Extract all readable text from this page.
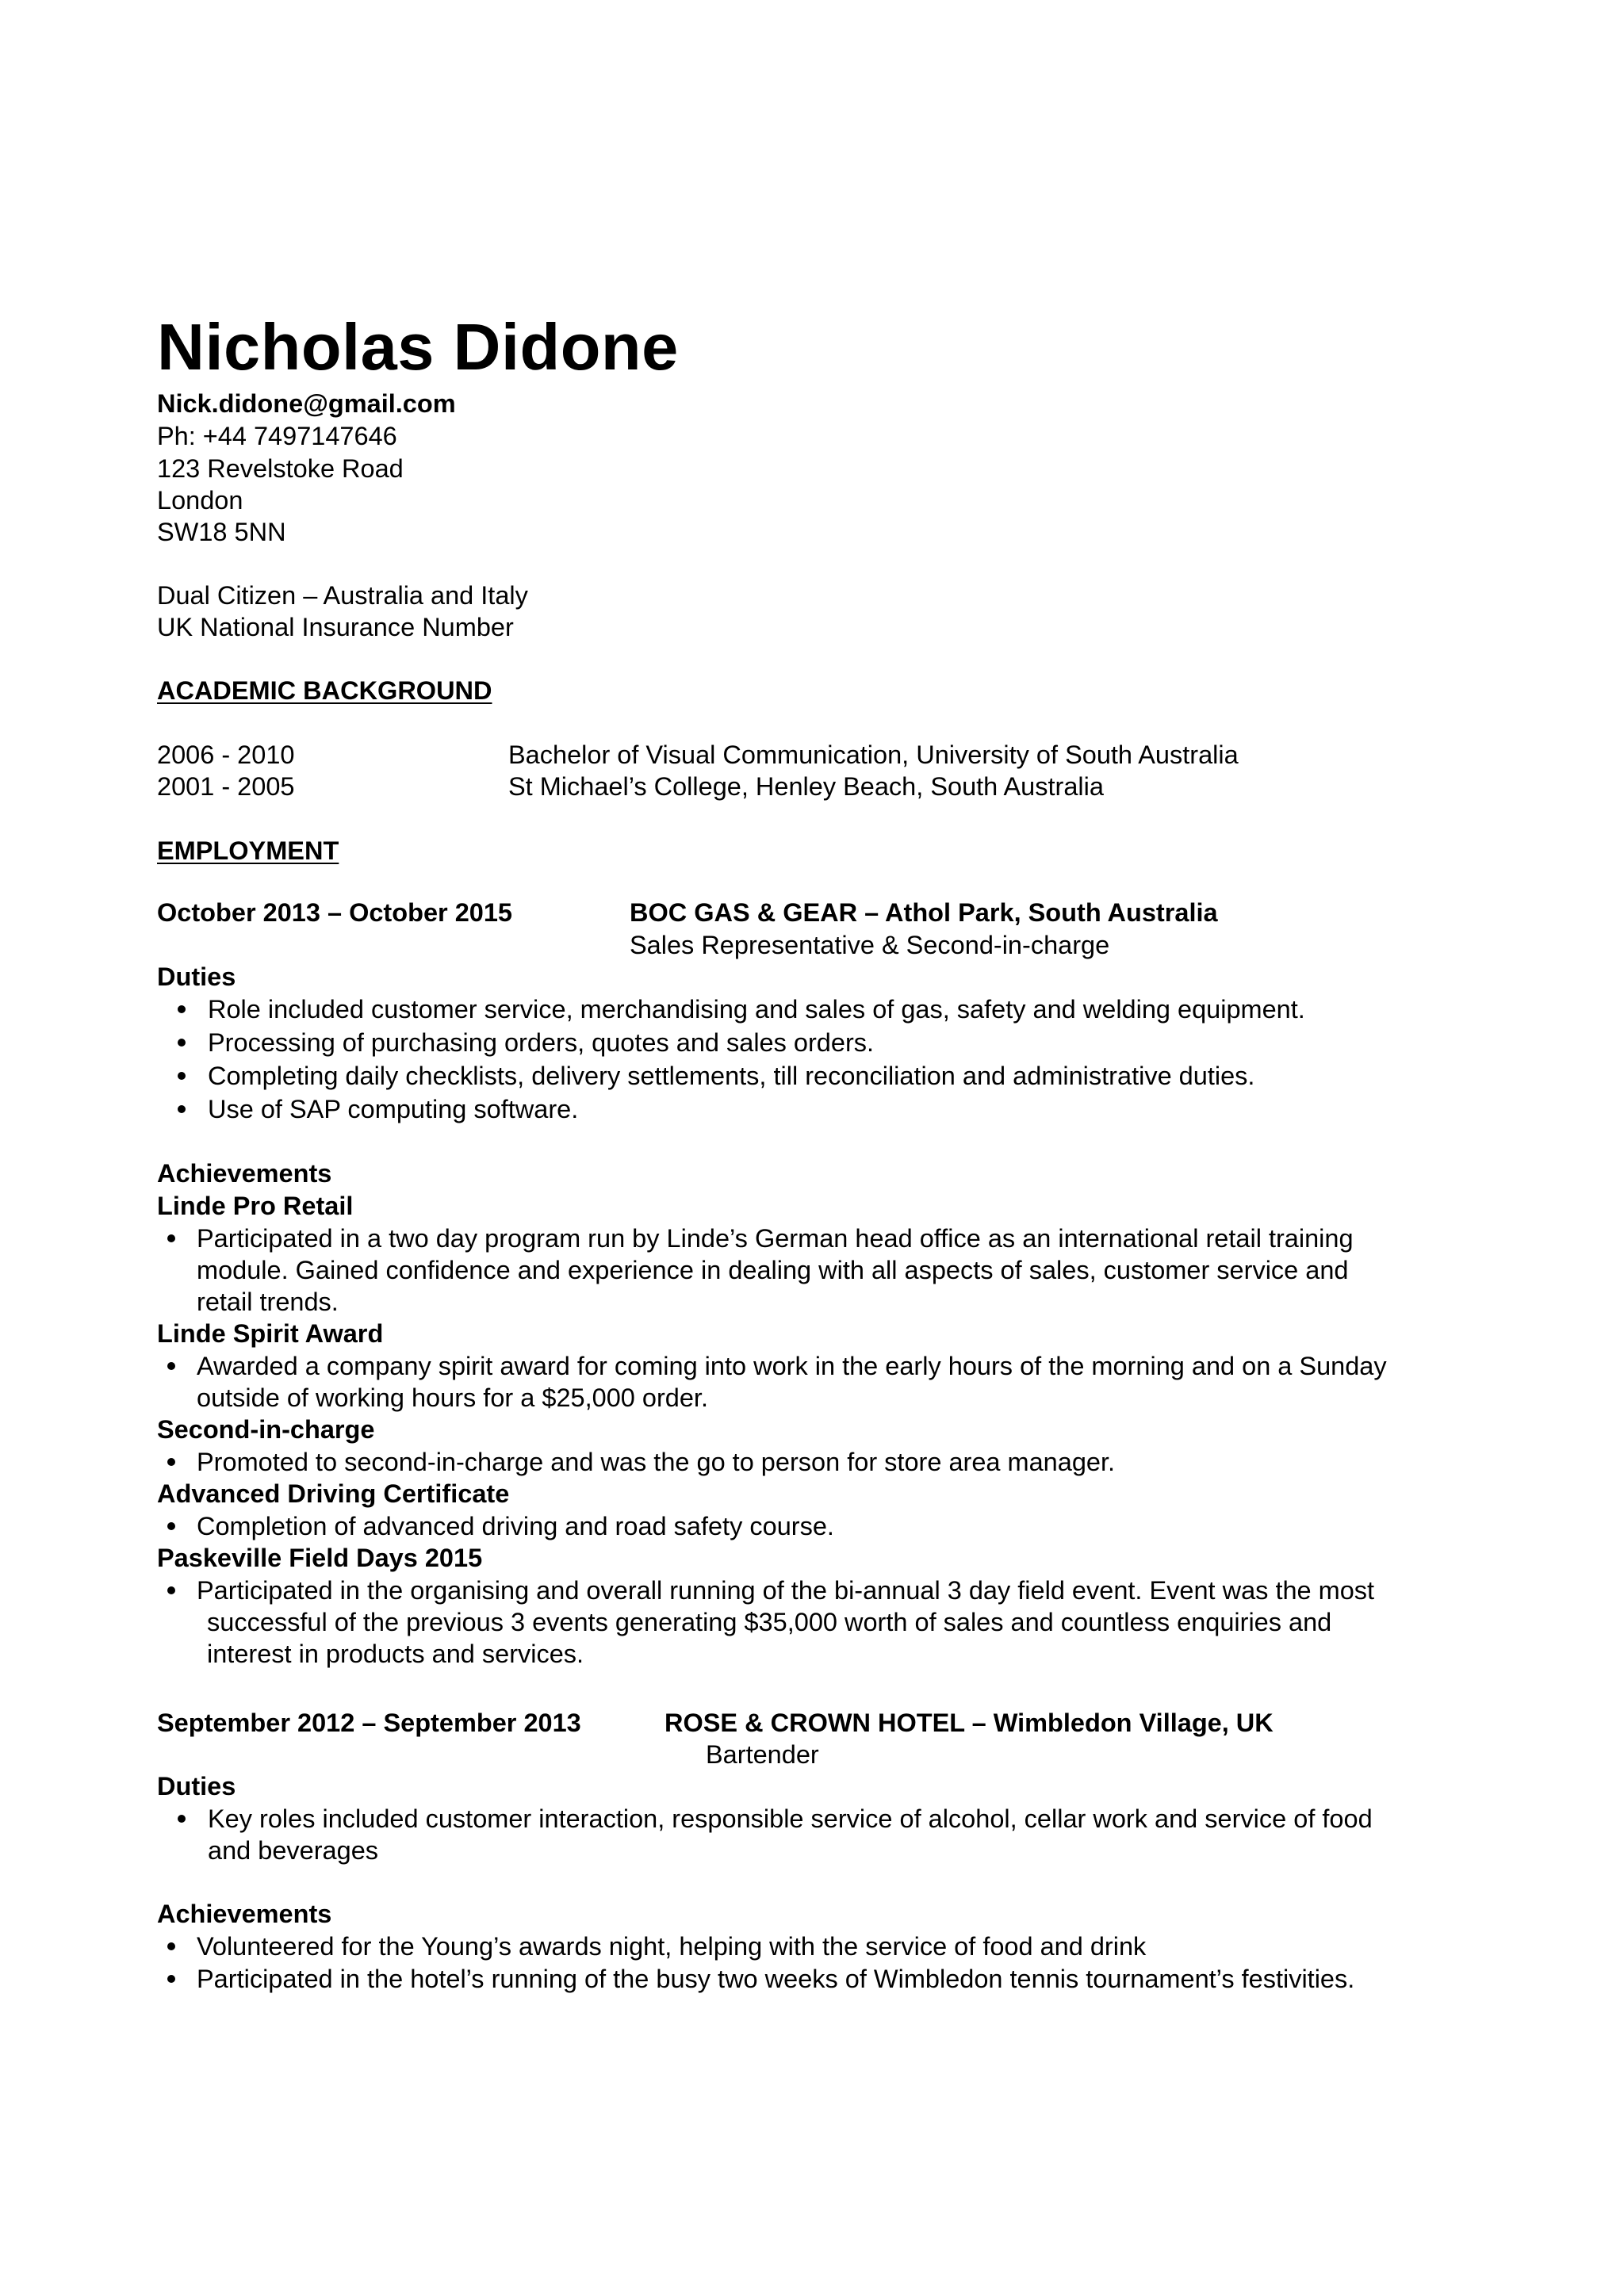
Nicholas Didone
Nick.didone@gmail.com
Ph: +44 7497147646
123 Revelstoke Road
London
SW18 5NN
Dual Citizen – Australia and Italy
UK National Insurance Number
ACADEMIC BACKGROUND
2006 - 2010	Bachelor of Visual Communication, University of South Australia
2001 - 2005	St Michael’s College, Henley Beach, South Australia
EMPLOYMENT
October 2013 – October 2015	BOC GAS & GEAR – Athol Park, South Australia
Sales Representative & Second-in-charge
Duties
Role included customer service, merchandising and sales of gas, safety and welding equipment.
Processing of purchasing orders, quotes and sales orders.
Completing daily checklists, delivery settlements, till reconciliation and administrative duties.
Use of SAP computing software.
Achievements
Linde Pro Retail
Participated in a two day program run by Linde’s German head office as an international retail training
module. Gained confidence and experience in dealing with all aspects of sales, customer service and
retail trends.
Linde Spirit Award
Awarded a company spirit award for coming into work in the early hours of the morning and on a Sunday
outside of working hours for a $25,000 order.
Second-in-charge
Promoted to second-in-charge and was the go to person for store area manager.
Advanced Driving Certificate
Completion of advanced driving and road safety course.
Paskeville Field Days 2015
Participated in the organising and overall running of the bi-annual 3 day field event. Event was the most
successful of the previous 3 events generating $35,000 worth of sales and countless enquiries and
interest in products and services.
September 2012 – September 2013	ROSE & CROWN HOTEL – Wimbledon Village, UK
Bartender
Duties
Key roles included customer interaction, responsible service of alcohol, cellar work and service of food
and beverages
Achievements
Volunteered for the Young’s awards night, helping with the service of food and drink
Participated in the hotel’s running of the busy two weeks of Wimbledon tennis tournament’s festivities.
